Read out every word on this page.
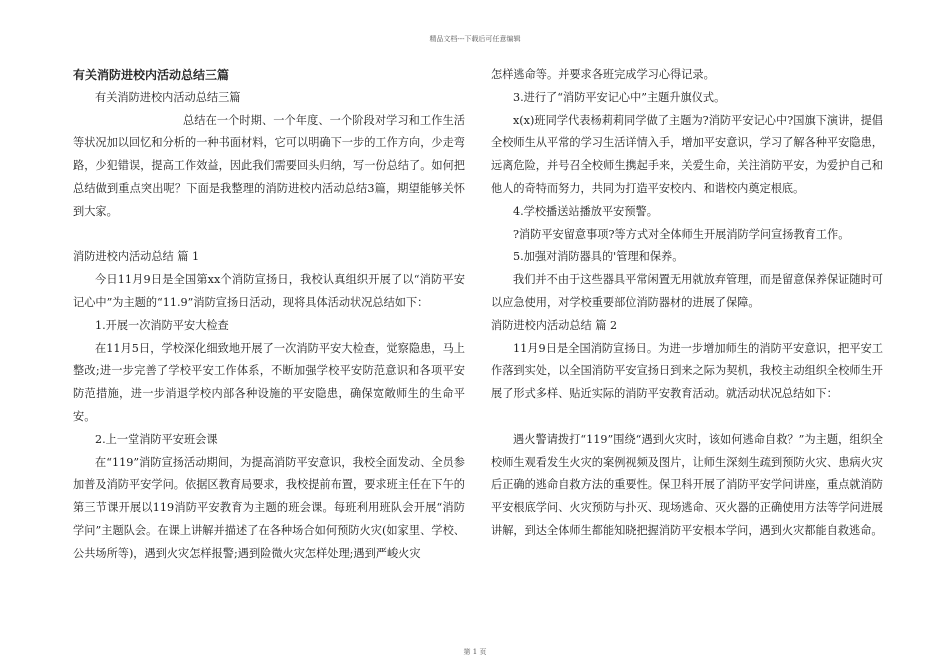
精品文档---下载后可任意编辑

有关消防进校内活动总结三篇

有关消防进校内活动总结三篇

总结在一个时期、一个年度、一个阶段对学习和工作生活等状况加以回忆和分析的一种书面材料，它可以明确下一步的工作方向，少走弯路，少犯错误，提高工作效益，因此我们需要回头归纳，写一份总结了。如何把总结做到重点突出呢？下面是我整理的消防进校内活动总结3篇，期望能够关怀到大家。

消防进校内活动总结 篇 1

今日11月9日是全国第xx个消防宣扬日，我校认真组织开展了以“消防平安记心中”为主题的“11.9”消防宣扬日活动，现将具体活动状况总结如下：

1.开展一次消防平安大检查

在11月5日，学校深化细致地开展了一次消防平安大检查，觉察隐患，马上整改;进一步完善了学校平安工作体系，不断加强学校平安防范意识和各项平安防范措施，进一步消退学校内部各种设施的平安隐患，确保宽敞师生的生命平安。

2.上一堂消防平安班会课

在“119”消防宣扬活动期间，为提高消防平安意识，我校全面发动、全员参加普及消防平安学问。依据区教育局要求，我校提前布置，要求班主任在下午的第三节课开展以119消防平安教育为主题的班会课。每班利用班队会开展“消防学问”主题队会。在课上讲解并描述了在各种场合如何预防火灾(如家里、学校、公共场所等)，遇到火灾怎样报警;遇到险微火灾怎样处理;遇到严峻火灾

怎样逃命等。并要求各班完成学习心得记录。

3.进行了“消防平安记心中”主题升旗仪式。

x(x)班同学代表杨莉莉同学做了主题为?消防平安记心中?国旗下演讲，提倡全校师生从平常的学习生活详情入手，增加平安意识，学习了解各种平安隐患，远离危险，并号召全校师生携起手来，关爱生命，关注消防平安，为爱护自己和他人的奇特而努力，共同为打造平安校内、和谐校内奠定根底。

4.学校播送站播放平安预警。

?消防平安留意事项?等方式对全体师生开展消防学问宣扬教育工作。

5.加强对消防器具的'管理和保养。

我们并不由于这些器具平常闲置无用就放弃管理，而是留意保养保证随时可以应急使用，对学校重要部位消防器材的进展了保障。

消防进校内活动总结 篇 2

11月9日是全国消防宣扬日。为进一步增加师生的消防平安意识，把平安工作落到实处，以全国消防平安宣扬日到来之际为契机，我校主动组织全校师生开展了形式多样、贴近实际的消防平安教育活动。就活动状况总结如下：

遇火警请拨打“119”围绕“遇到火灾时，该如何逃命自救？”为主题，组织全校师生观看发生火灾的案例视频及图片，让师生深刻生疏到预防火灾、患病火灾后正确的逃命自救方法的重要性。保卫科开展了消防平安学问讲座，重点就消防平安根底学问、火灾预防与扑灭、现场逃命、灭火器的正确使用方法等学问进展讲解，到达全体师生都能知晓把握消防平安根本学问，遇到火灾都能自救逃命。

第 1 页
